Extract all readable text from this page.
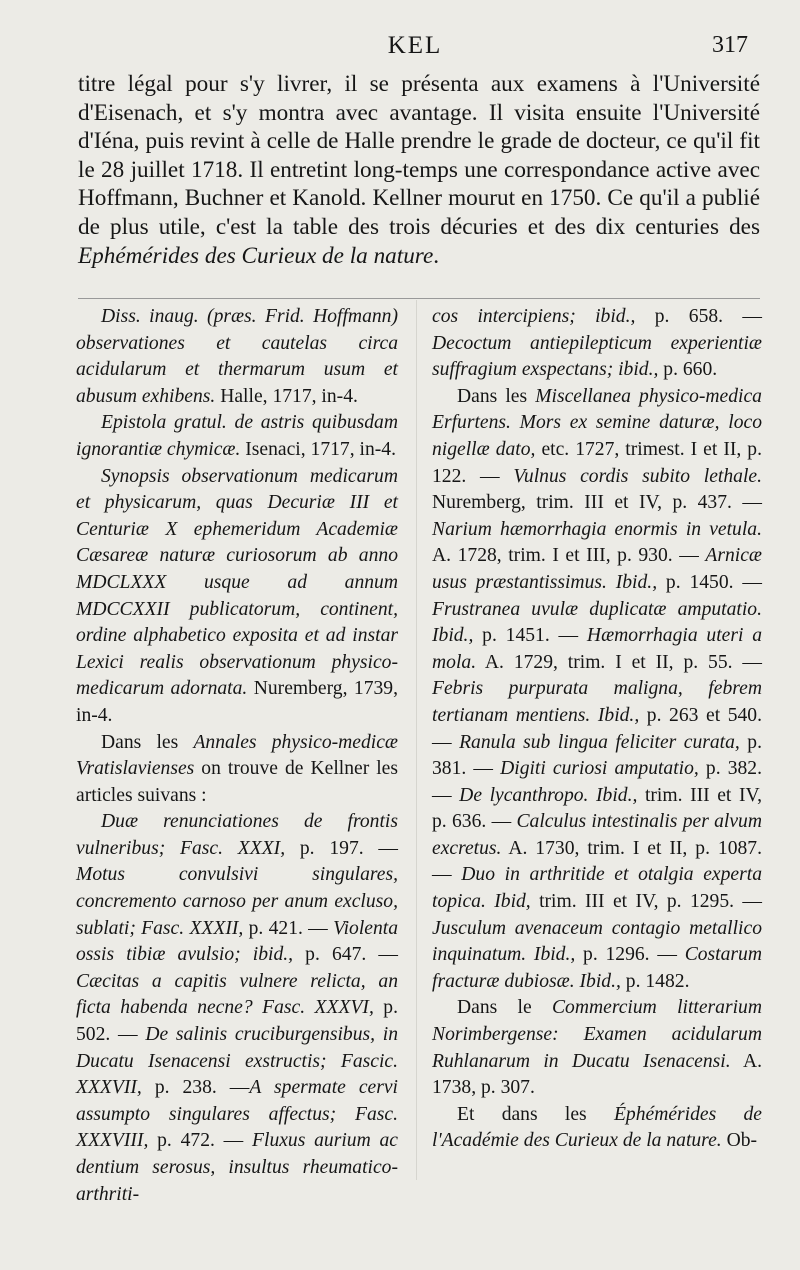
KEL	317

titre légal pour s'y livrer, il se présenta aux examens à l'Université d'Eisenach, et s'y montra avec avantage. Il visita ensuite l'Université d'Iéna, puis revint à celle de Halle prendre le grade de docteur, ce qu'il fit le 28 juillet 1718. Il entretint long-temps une correspondance active avec Hoffmann, Buchner et Kanold. Kellner mourut en 1750. Ce qu'il a publié de plus utile, c'est la table des trois décuries et des dix centuries des Ephémérides des Curieux de la nature.

Diss. inaug. (præs. Frid. Hoffmann) observationes et cautelas circa acidularum et thermarum usum et abusum exhibens. Halle, 1717, in-4.

Epistola gratul. de astris quibusdam ignorantiæ chymicæ. Isenaci, 1717, in-4.

Synopsis observationum medicarum et physicarum, quas Decuriæ III et Centuriæ X ephemeridum Academiæ Cæsareæ naturæ curiosorum ab anno MDCLXXX usque ad annum MDCCXXII publicatorum, continent, ordine alphabetico exposita et ad instar Lexici realis observationum physico-medicarum adornata. Nuremberg, 1739, in-4.

Dans les Annales physico-medicæ Vratislavienses on trouve de Kellner les articles suivans :

Duæ renunciationes de frontis vulneribus; Fasc. XXXI, p. 197. — Motus convulsivi singulares, concremento carnoso per anum excluso, sublati; Fasc. XXXII, p. 421. — Violenta ossis tibiæ avulsio; ibid., p. 647. — Cæcitas a capitis vulnere relicta, an ficta habenda necne? Fasc. XXXVI, p. 502. — De salinis cruciburgensibus, in Ducatu Isenacensi exstructis; Fascic. XXXVII, p. 238. —A spermate cervi assumpto singulares affectus; Fasc. XXXVIII, p. 472. — Fluxus aurium ac dentium serosus, insultus rheumatico-arthriti-

cos intercipiens; ibid., p. 658. — Decoctum antiepilepticum experientiæ suffragium exspectans; ibid., p. 660.

Dans les Miscellanea physico-medica Erfurtens. Mors ex semine daturæ, loco nigellæ dato, etc. 1727, trimest. I et II, p. 122. — Vulnus cordis subito lethale. Nuremberg, trim. III et IV, p. 437. — Narium hæmorrhagia enormis in vetula. A. 1728, trim. I et III, p. 930. — Arnicæ usus præstantissimus. Ibid., p. 1450. — Frustranea uvulæ duplicatæ amputatio. Ibid., p. 1451. — Hæmorrhagia uteri a mola. A. 1729, trim. I et II, p. 55. — Febris purpurata maligna, febrem tertianam mentiens. Ibid., p. 263 et 540. — Ranula sub lingua feliciter curata, p. 381. — Digiti curiosi amputatio, p. 382. — De lycanthropo. Ibid., trim. III et IV, p. 636. — Calculus intestinalis per alvum excretus. A. 1730, trim. I et II, p. 1087. — Duo in arthritide et otalgia experta topica. Ibid, trim. III et IV, p. 1295. — Jusculum avenaceum contagio metallico inquinatum. Ibid., p. 1296. — Costarum fracturæ dubiosæ. Ibid., p. 1482.

Dans le Commercium litterarium Norimbergense: Examen acidularum Ruhlanarum in Ducatu Isenacensi. A. 1738, p. 307.

Et dans les Éphémérides de l'Académie des Curieux de la nature. Ob-
